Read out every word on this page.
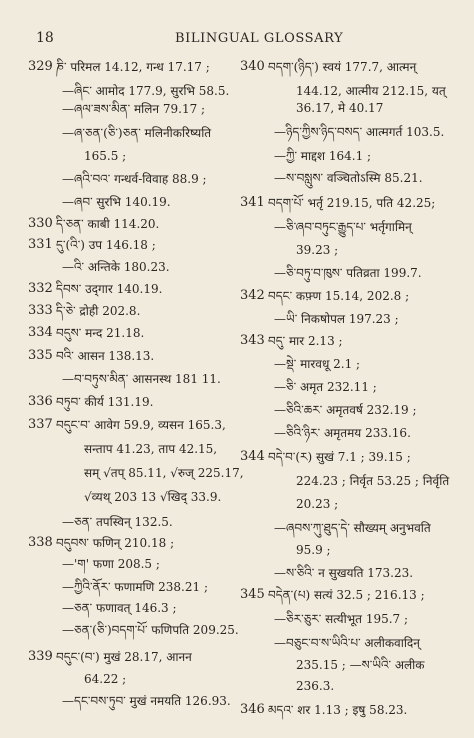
18	BILINGUAL GLOSSARY
329 ཎི་ परिमल 14.12, गन्ध 17.17 ;
—ཞིང་ आमोद 177.9, सुरभि 58.5.
—ཞལ་ཟས་མིན་ मलिन 79.17 ;
—ཞ་ཅན་(ཅི་)ཅན་ मलिनीकरिष्यति
165.5 ;
—ཞའི་བའ་ गन्धर्व-विवाह 88.9 ;
—ཞབ་ सुरभि 140.19.
330 དི་ཅན་ काबी 114.20.
331 དུ་(འི་) उप 146.18 ;
—འི་ अन्तिके 180.23.
332 དིབས་ उद्‌गार 140.19.
333 དི་ཅེ་ द्रोही 202.8.
334 བདུས་ मन्द 21.18.
335 བའི་ आसन 138.13.
—བ་བཏུས་མིན་ आसनस्थ 181 11.
336 བཏུབ་ कीर्य 131.19.
337 བདུང་བ་ आवेग 59.9, व्यसन 165.3,
सन्ताप 41.23, ताप 42.15,
सम् √तप् 85.11, √रुज् 225.17,
√व्यथ् 203 13 √खिद् 33.9.
—ཅན་ तपस्विन् 132.5.
338 བདུབས་ फणिन् 210.18 ;
—'ག' फणा 208.5 ;
—ཀྱིའི་ནོར་ फणामणि 238.21 ;
—ཅན་ फणावत् 146.3 ;
—ཅན་(ཅི་)བདག་པོ་ फणिपति 209.25.
339 བདུང་(བ་) मुखं 28.17, आनन
64.22 ;
—དང་བས་ཏུབ་ मुखं नमयति 126.93.
340 བདག་(ཉིད་) स्वयं 177.7, आत्मन्
144.12, आत्मीय 212.15, यत्
36.17, मे 40.17
—ཉིད་ཀྱིས་ཉིད་བསད་ आत्मगर्त 103.5.
—ཀྱི་ माद्दश 164.1 ;
—ས་བསླུས་ वञ्चितोऽस्मि 85.21.
341 བདག་པོ་ भर्तृ 219.15, पति 42.25;
—ཅི་ཞབ་བཏུང་རྒྱུད་པ་ भर्तृगामिन्
39.23 ;
—ཅི་བཏུ་བ་ཁུས་ पतिव्रता 199.7.
342 བདང་ कफ़्ण 15.14, 202.8 ;
—ཡི་ निकषोपल 197.23 ;
343 བདུ་ मार 2.13 ;
—སྡེ་ मारवधू 2.1 ;
—ཅི་ अमृत 232.11 ;
—ཅིའི་ཆར་ अमृतवर्ष 232.19 ;
—ཅིའི་ཉིར་ अमृतमय 233.16.
344 བདེ་བ་(ར) सुखं 7.1 ; 39.15 ;
224.23 ; निर्वृत 53.25 ; निर्वृति
20.23 ;
—ཞབས་ཀུ་ཐུད་དེ་ सौख्यम् अनुभवति
95.9 ;
—ས་ཅིའི་ न सुखयति 173.23.
345 བདེན་(པ) सत्यं 32.5 ; 216.13 ;
—ཅིར་ཅུར་ सत्यीभूत 195.7 ;
—བཅུང་བ་ས་ཡིའི་པ་ अलीकवादिन्
235.15 ; —ས་ཡིའི་ अलीक
236.3.
346 མདའ་ शर 1.13 ; इषु 58.23.
